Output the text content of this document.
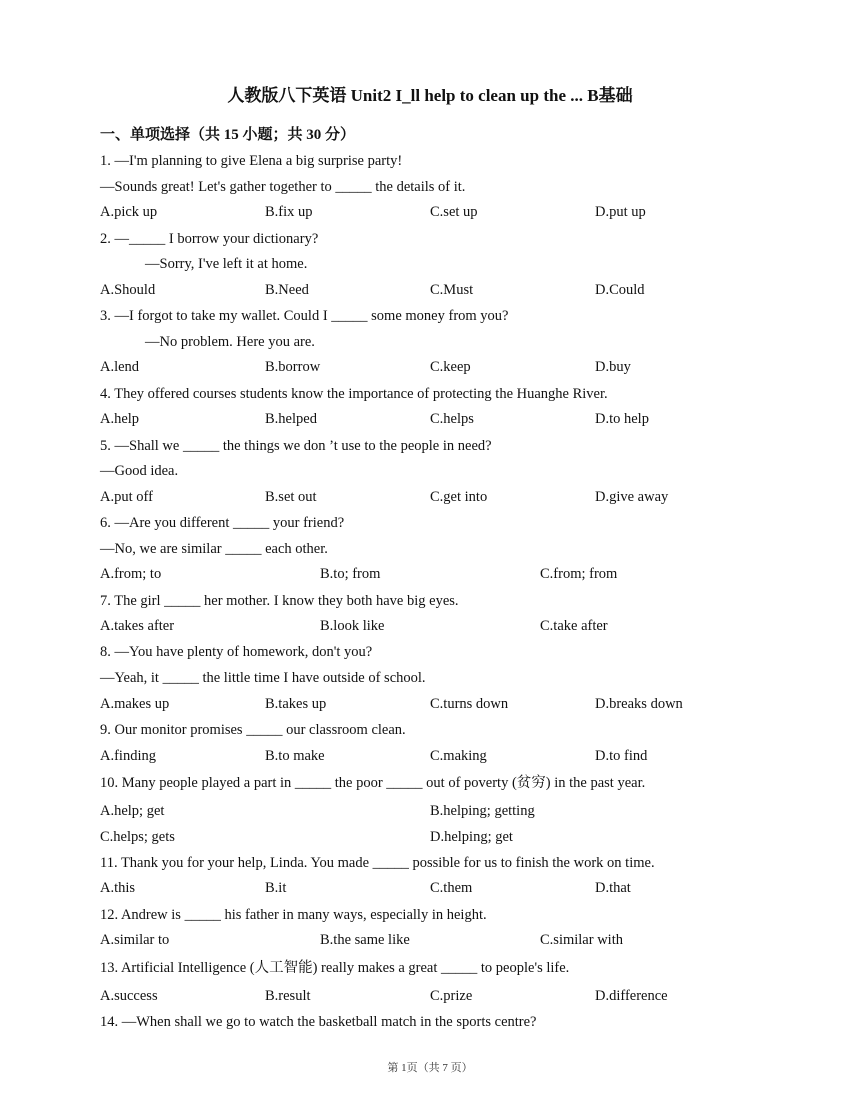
人教版八下英语 Unit2 I_ll help to clean up the ... B基础
一、单项选择（共 15 小题；共 30 分）
1. —I'm planning to give Elena a big surprise party!
—Sounds great! Let's gather together to _____ the details of it.
A.pick up	B.fix up	C.set up	D.put up
2. —_____ I borrow your dictionary?
—Sorry, I've left it at home.
A.Should	B.Need	C.Must	D.Could
3. —I forgot to take my wallet. Could I _____ some money from you?
—No problem. Here you are.
A.lend	B.borrow	C.keep	D.buy
4. They offered courses students know the importance of protecting the Huanghe River.
A.help	B.helped	C.helps	D.to help
5. —Shall we _____ the things we don ’t use to the people in need?
—Good idea.
A.put off	B.set out	C.get into	D.give away
6. —Are you different _____ your friend?
—No, we are similar _____ each other.
A.from; to	B.to; from	C.from; from
7. The girl _____ her mother. I know they both have big eyes.
A.takes after	B.look like	C.take after
8. —You have plenty of homework, don't you?
—Yeah, it _____ the little time I have outside of school.
A.makes up	B.takes up	C.turns down	D.breaks down
9. Our monitor promises _____ our classroom clean.
A.finding	B.to make	C.making	D.to find
10. Many people played a part in _____ the poor _____ out of poverty (贫穷) in the past year.
A.help; get	B.helping; getting
C.helps; gets	D.helping; get
11. Thank you for your help, Linda. You made _____ possible for us to finish the work on time.
A.this	B.it	C.them	D.that
12. Andrew is _____ his father in many ways, especially in height.
A.similar to	B.the same like	C.similar with
13. Artificial Intelligence (人工智能) really makes a great _____ to people's life.
A.success	B.result	C.prize	D.difference
14. —When shall we go to watch the basketball match in the sports centre?
第 1页（共 7 页）
